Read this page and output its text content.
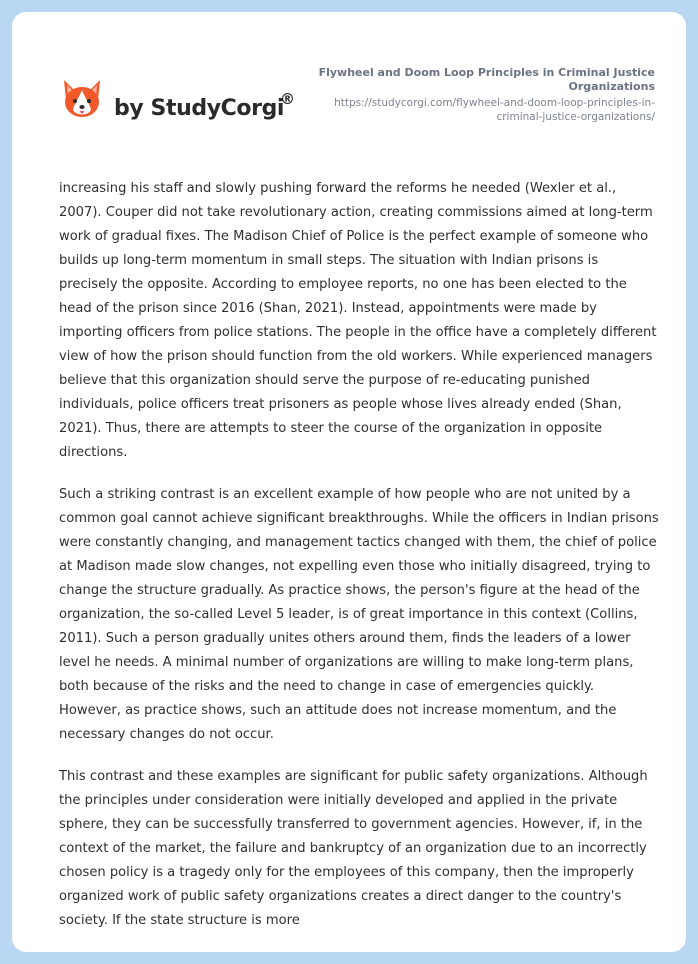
by StudyCorgi
®
Flywheel and Doom Loop Principles in Criminal Justice Organizations
https://studycorgi.com/flywheel-and-doom-loop-principles-in-criminal-justice-organizations/

increasing his staff and slowly pushing forward the reforms he needed (Wexler et al., 2007). Couper did not take revolutionary action, creating commissions aimed at long-term work of gradual fixes. The Madison Chief of Police is the perfect example of someone who builds up long-term momentum in small steps. The situation with Indian prisons is precisely the opposite. According to employee reports, no one has been elected to the head of the prison since 2016 (Shan, 2021). Instead, appointments were made by importing officers from police stations. The people in the office have a completely different view of how the prison should function from the old workers. While experienced managers believe that this organization should serve the purpose of re-educating punished individuals, police officers treat prisoners as people whose lives already ended (Shan, 2021). Thus, there are attempts to steer the course of the organization in opposite directions.

Such a striking contrast is an excellent example of how people who are not united by a common goal cannot achieve significant breakthroughs. While the officers in Indian prisons were constantly changing, and management tactics changed with them, the chief of police at Madison made slow changes, not expelling even those who initially disagreed, trying to change the structure gradually. As practice shows, the person's figure at the head of the organization, the so-called Level 5 leader, is of great importance in this context (Collins, 2011). Such a person gradually unites others around them, finds the leaders of a lower level he needs. A minimal number of organizations are willing to make long-term plans, both because of the risks and the need to change in case of emergencies quickly. However, as practice shows, such an attitude does not increase momentum, and the necessary changes do not occur.

This contrast and these examples are significant for public safety organizations. Although the principles under consideration were initially developed and applied in the private sphere, they can be successfully transferred to government agencies. However, if, in the context of the market, the failure and bankruptcy of an organization due to an incorrectly chosen policy is a tragedy only for the employees of this company, then the improperly organized work of public safety organizations creates a direct danger to the country's society. If the state structure is more
